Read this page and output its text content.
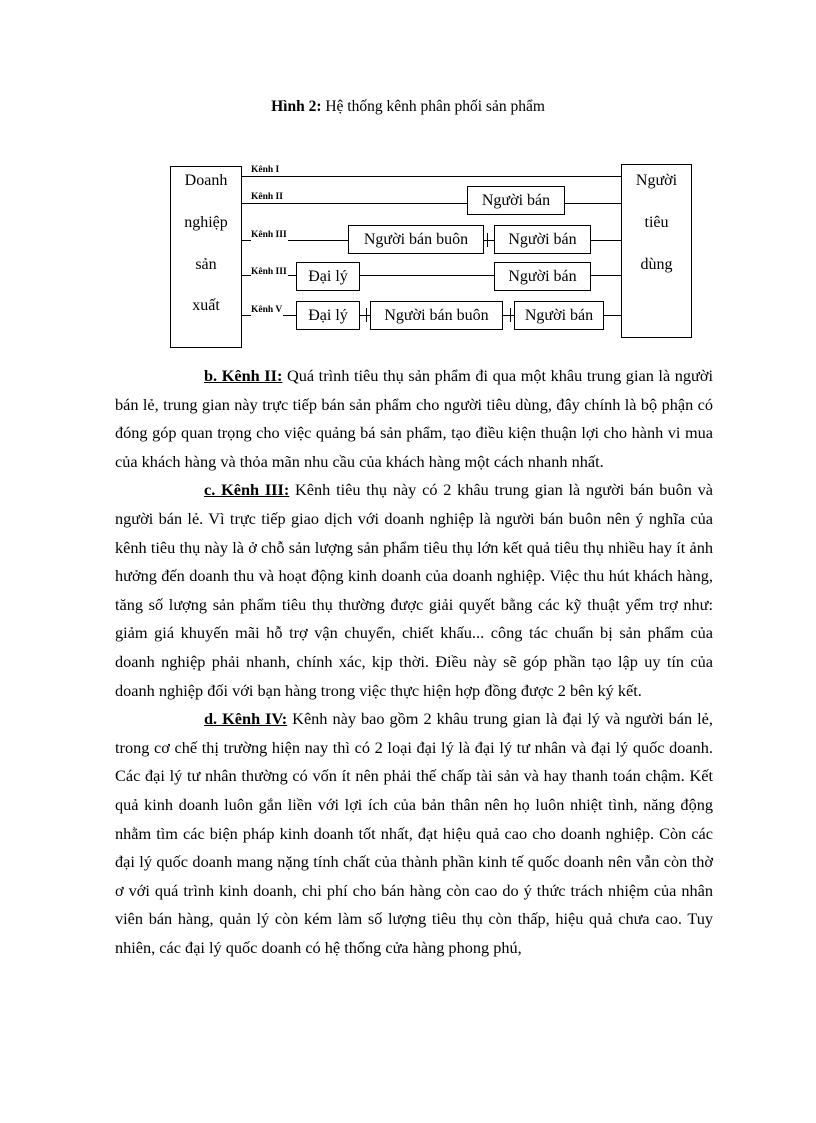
Hình 2: Hệ thống kênh phân phối sản phẩm
Doanh
nghiệp
sản
xuất
Người
tiêu
dùng
Kênh I
Kênh II	Người bán
Kênh III	Người bán buôn	Người bán
Kênh III	Đại lý	Người bán
Kênh V	Đại lý	Người bán buôn	Người bán

b. Kênh II: Quá trình tiêu thụ sản phẩm đi qua một khâu trung gian là người bán lẻ, trung gian này trực tiếp bán sản phẩm cho người tiêu dùng, đây chính là bộ phận có đóng góp quan trọng cho việc quảng bá sản phẩm, tạo điều kiện thuận lợi cho hành vi mua của khách hàng và thỏa mãn nhu cầu của khách hàng một cách nhanh nhất.

c. Kênh III: Kênh tiêu thụ này có 2 khâu trung gian là người bán buôn và người bán lẻ. Vì trực tiếp giao dịch với doanh nghiệp là người bán buôn nên ý nghĩa của kênh tiêu thụ này là ở chỗ sản lượng sản phẩm tiêu thụ lớn kết quả tiêu thụ nhiều hay ít ảnh hưởng đến doanh thu và hoạt động kinh doanh của doanh nghiệp. Việc thu hút khách hàng, tăng số lượng sản phẩm tiêu thụ thường được giải quyết bằng các kỹ thuật yểm trợ như: giảm giá khuyến mãi hỗ trợ vận chuyển, chiết khấu... công tác chuẩn bị sản phẩm của doanh nghiệp phải nhanh, chính xác, kịp thời. Điều này sẽ góp phần tạo lập uy tín của doanh nghiệp đối với bạn hàng trong việc thực hiện hợp đồng được 2 bên ký kết.

d. Kênh IV: Kênh này bao gồm 2 khâu trung gian là đại lý và người bán lẻ, trong cơ chế thị trường hiện nay thì có 2 loại đại lý là đại lý tư nhân và đại lý quốc doanh. Các đại lý tư nhân thường có vốn ít nên phải thế chấp tài sản và hay thanh toán chậm. Kết quả kinh doanh luôn gắn liền với lợi ích của bản thân nên họ luôn nhiệt tình, năng động nhằm tìm các biện pháp kinh doanh tốt nhất, đạt hiệu quả cao cho doanh nghiệp. Còn các đại lý quốc doanh mang nặng tính chất của thành phần kinh tế quốc doanh nên vẫn còn thờ ơ với quá trình kinh doanh, chi phí cho bán hàng còn cao do ý thức trách nhiệm của nhân viên bán hàng, quản lý còn kém làm số lượng tiêu thụ còn thấp, hiệu quả chưa cao. Tuy nhiên, các đại lý quốc doanh có hệ thống cửa hàng phong phú,
